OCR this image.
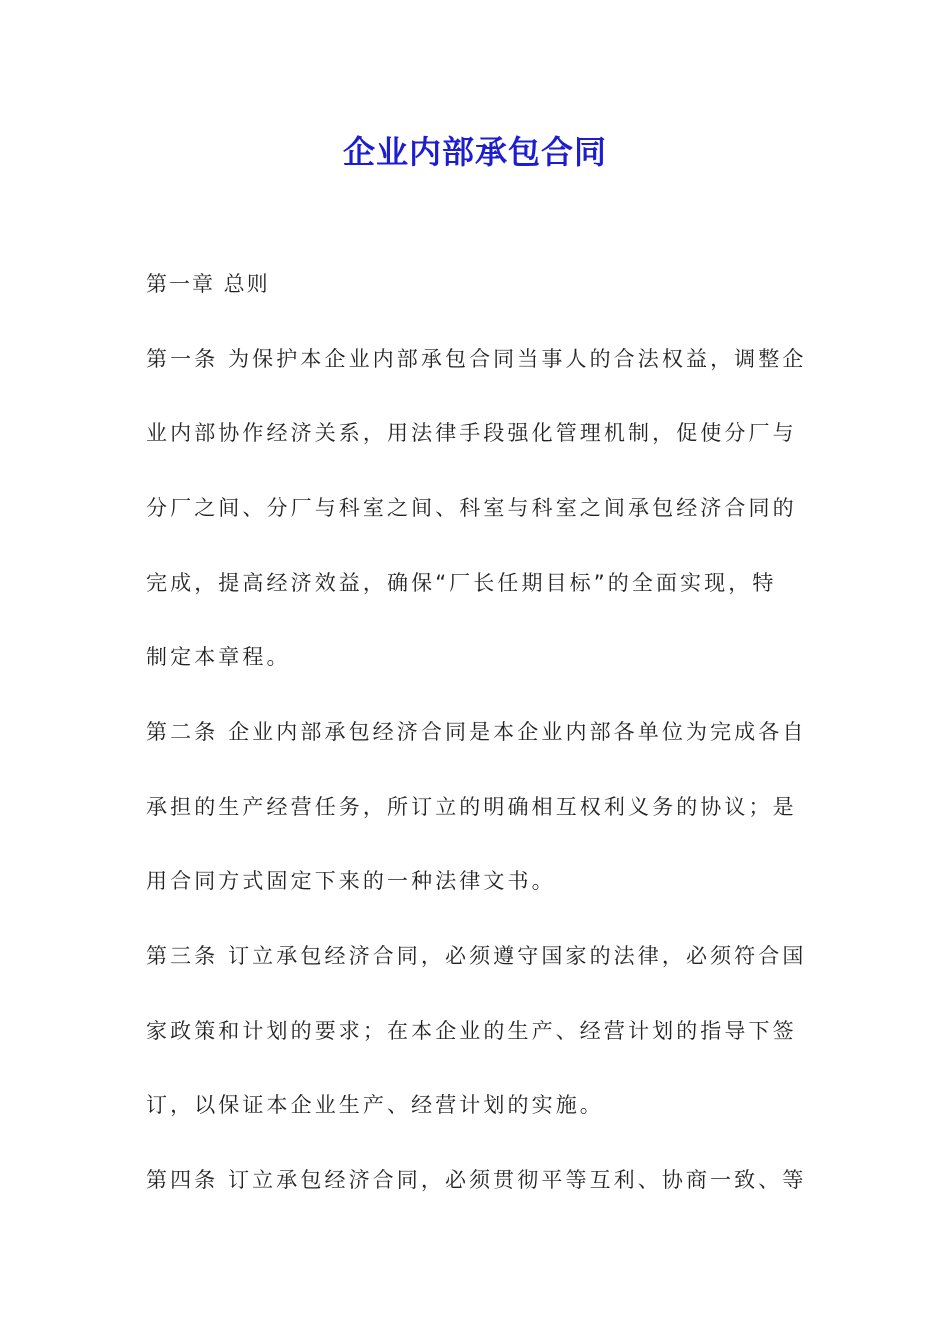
企业内部承包合同
第一章 总则
第一条 为保护本企业内部承包合同当事人的合法权益，调整企
业内部协作经济关系，用法律手段强化管理机制，促使分厂与
分厂之间、分厂与科室之间、科室与科室之间承包经济合同的
完成，提高经济效益，确保“厂长任期目标”的全面实现，特
制定本章程。
第二条 企业内部承包经济合同是本企业内部各单位为完成各自
承担的生产经营任务，所订立的明确相互权利义务的协议；是
用合同方式固定下来的一种法律文书。
第三条 订立承包经济合同，必须遵守国家的法律，必须符合国
家政策和计划的要求；在本企业的生产、经营计划的指导下签
订，以保证本企业生产、经营计划的实施。
第四条 订立承包经济合同，必须贯彻平等互利、协商一致、等
